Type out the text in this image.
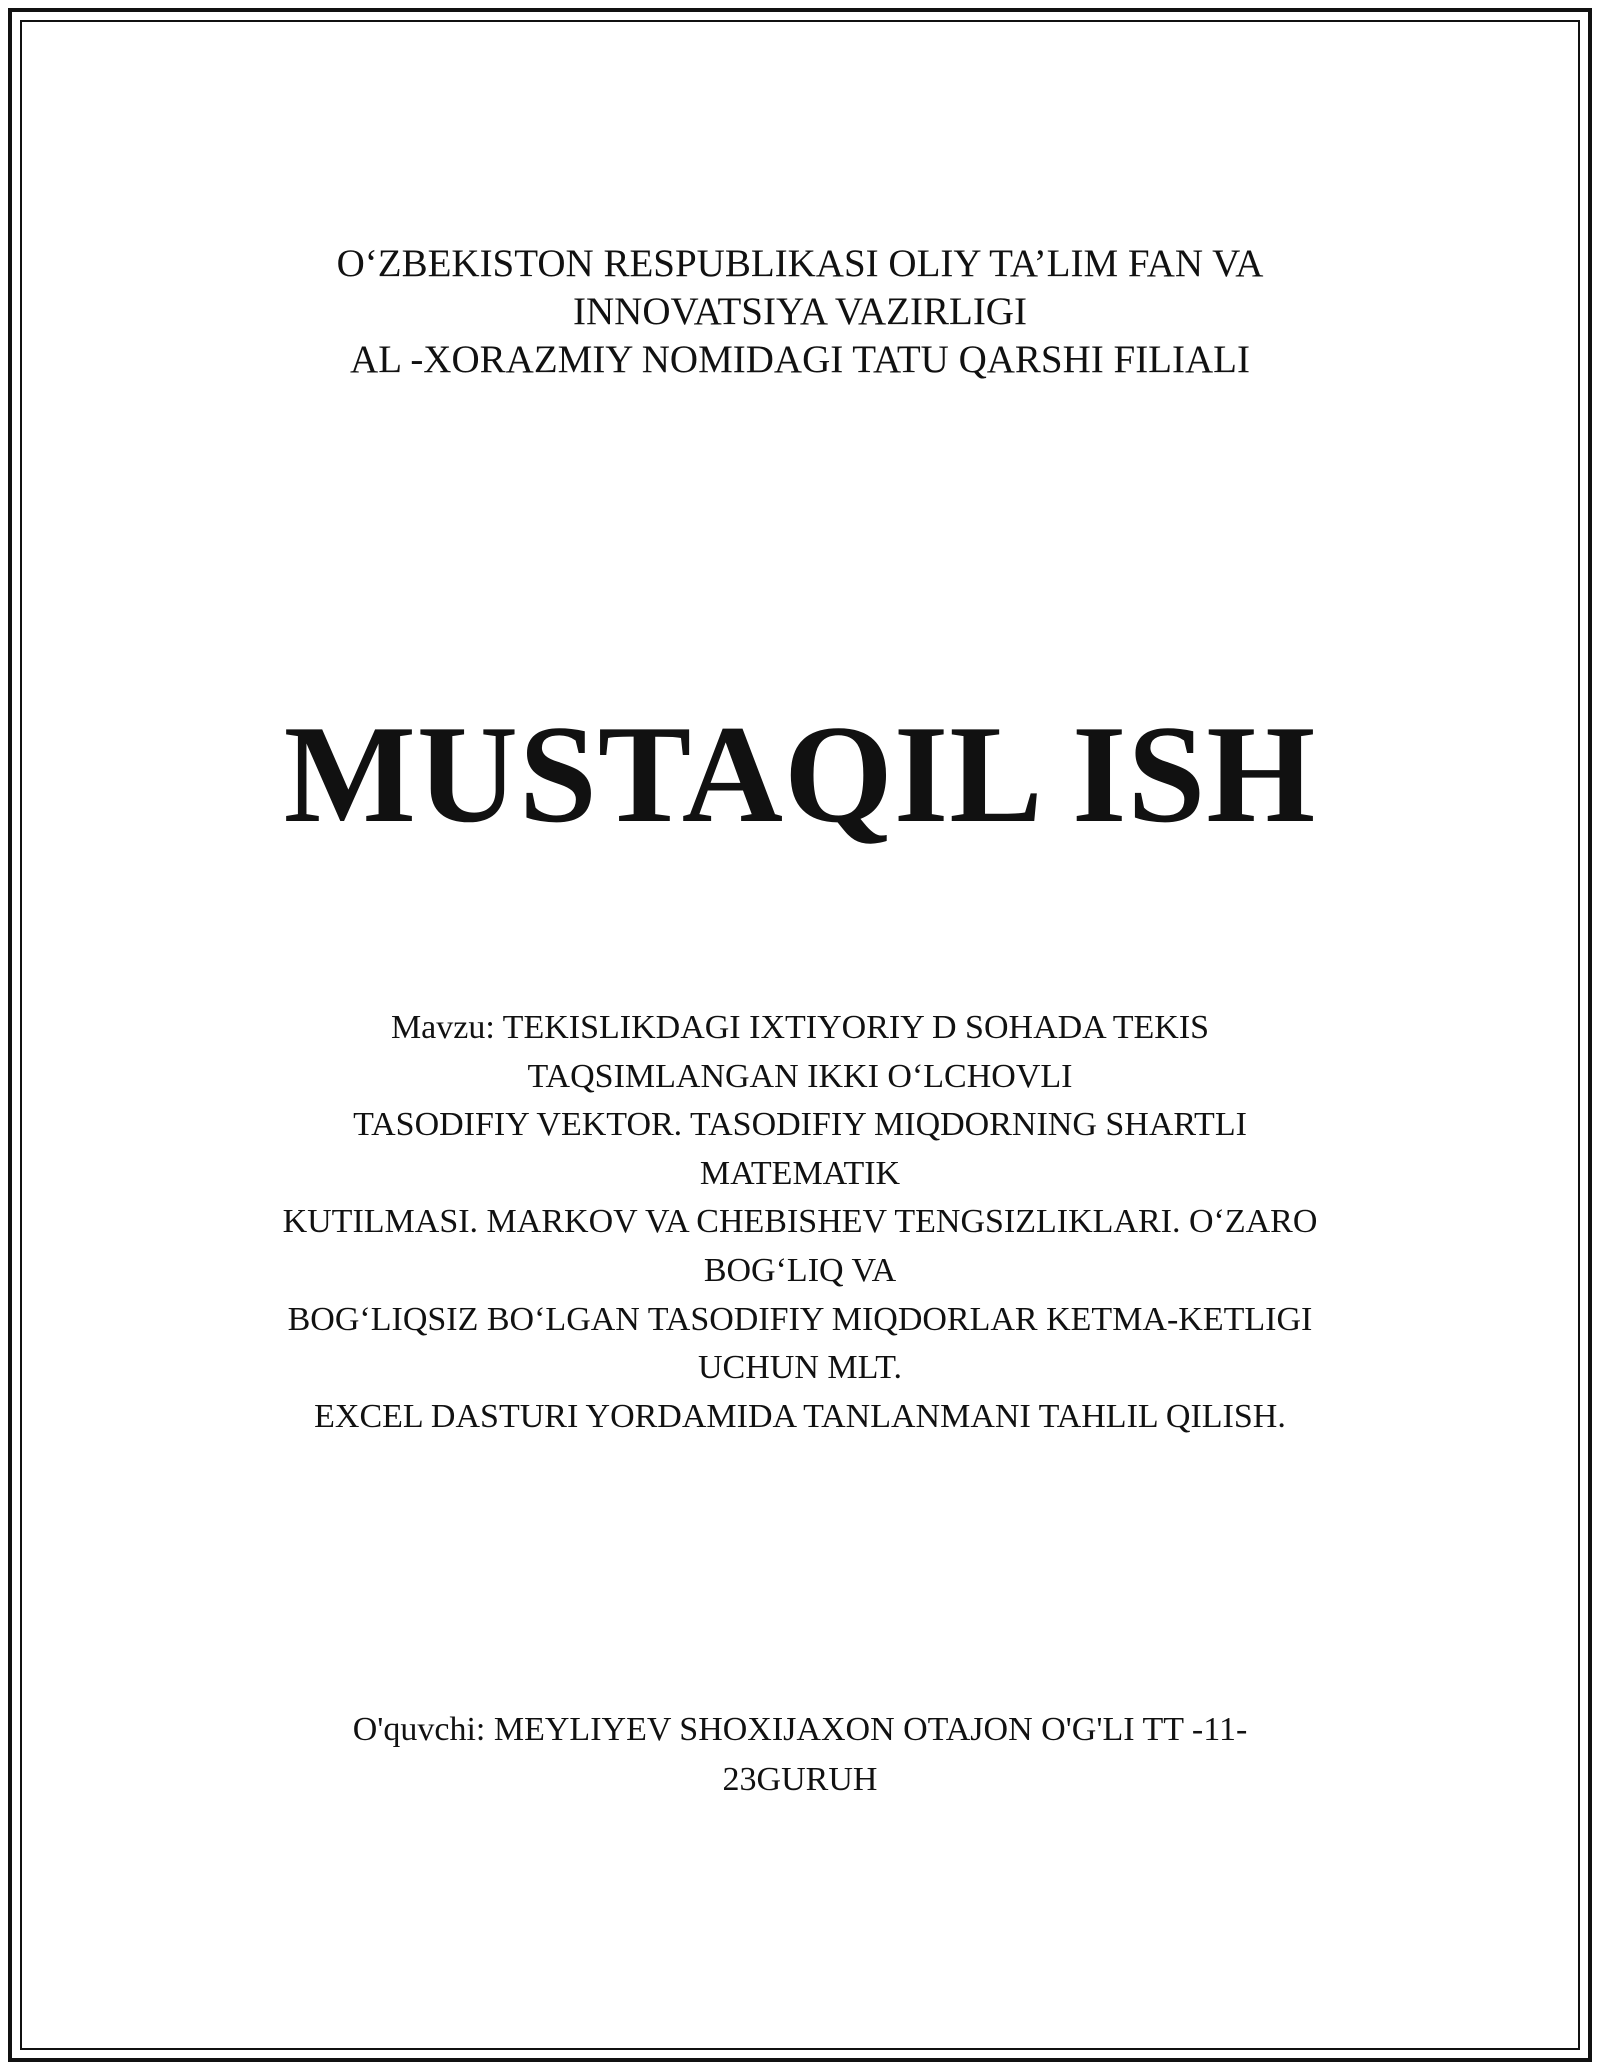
O‘ZBEKISTON RESPUBLIKASI OLIY TA’LIM FAN VA
INNOVATSIYA VAZIRLIGI
AL -XORAZMIY NOMIDAGI TATU QARSHI FILIALI
MUSTAQIL ISH
Mavzu: TEKISLIKDAGI IXTIYORIY D SOHADA TEKIS
TAQSIMLANGAN IKKI O‘LCHOVLI
TASODIFIY VEKTOR. TASODIFIY MIQDORNING SHARTLI
MATEMATIK
KUTILMASI. MARKOV VA CHEBISHEV TENGSIZLIKLARI. O‘ZARO
BOG‘LIQ VA
BOG‘LIQSIZ BO‘LGAN TASODIFIY MIQDORLAR KETMA-KETLIGI
UCHUN MLT.
EXCEL DASTURI YORDAMIDA TANLANMANI TAHLIL QILISH.
O'quvchi: MEYLIYEV SHOXIJAXON OTAJON O'G'LI TT -11-
23GURUH
